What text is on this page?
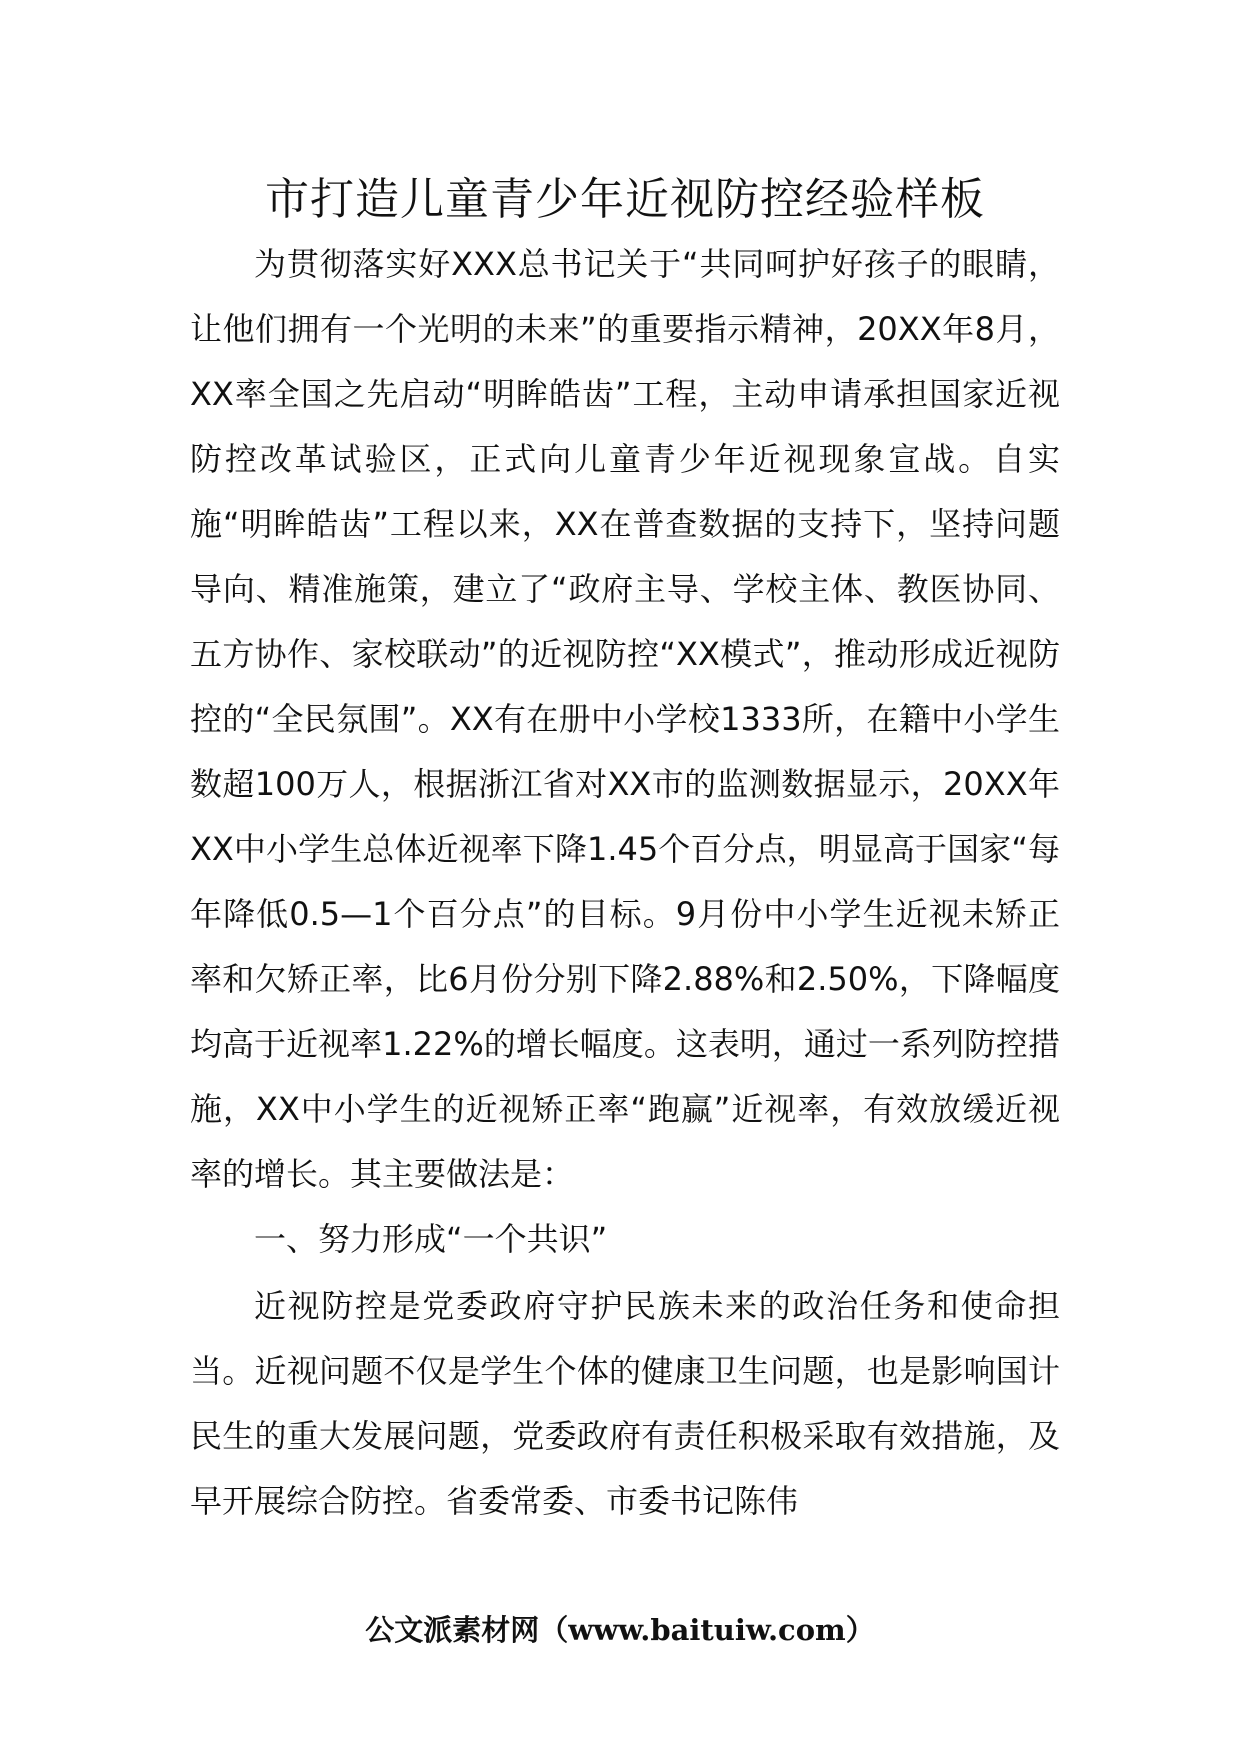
市打造儿童青少年近视防控经验样板

为贯彻落实好XXX总书记关于“共同呵护好孩子的眼睛，让他们拥有一个光明的未来”的重要指示精神，20XX年8月，XX率全国之先启动“明眸皓齿”工程，主动申请承担国家近视防控改革试验区，正式向儿童青少年近视现象宣战。自实施“明眸皓齿”工程以来，XX在普查数据的支持下，坚持问题导向、精准施策，建立了“政府主导、学校主体、教医协同、五方协作、家校联动”的近视防控“XX模式”，推动形成近视防控的“全民氛围”。XX有在册中小学校1333所，在籍中小学生数超100万人，根据浙江省对XX市的监测数据显示，20XX年XX中小学生总体近视率下降1.45个百分点，明显高于国家“每年降低0.5—1个百分点”的目标。9月份中小学生近视未矫正率和欠矫正率，比6月份分别下降2.88%和2.50%，下降幅度均高于近视率1.22%的增长幅度。这表明，通过一系列防控措施，XX中小学生的近视矫正率“跑赢”近视率，有效放缓近视率的增长。其主要做法是：

一、努力形成“一个共识”

近视防控是党委政府守护民族未来的政治任务和使命担当。近视问题不仅是学生个体的健康卫生问题，也是影响国计民生的重大发展问题，党委政府有责任积极采取有效措施，及早开展综合防控。省委常委、市委书记陈伟

公文派素材网（www.baituiw.com）
